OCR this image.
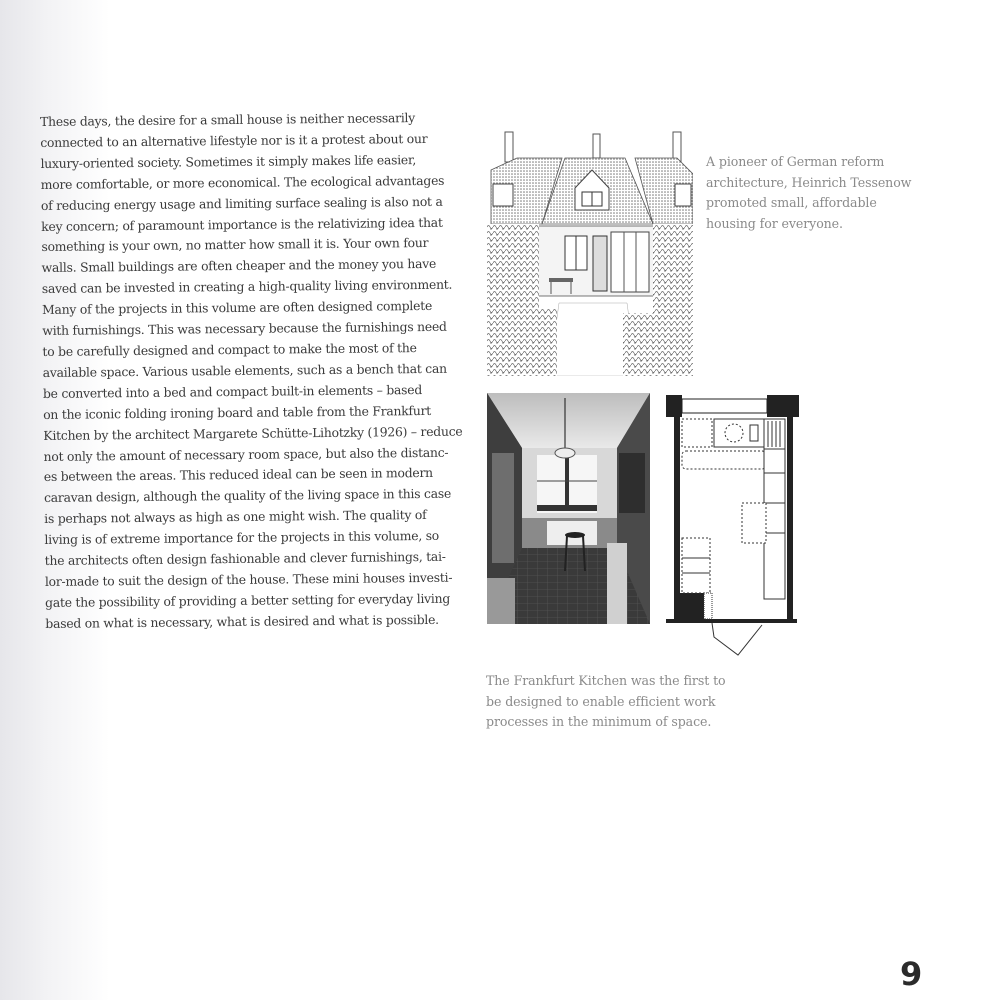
These days, the desire for a small house is neither necessarily
connected to an alternative lifestyle nor is it a protest about our
luxury-oriented society. Sometimes it simply makes life easier,
more comfortable, or more economical. The ecological advantages
of reducing energy usage and limiting surface sealing is also not a
key concern; of paramount importance is the relativizing idea that
something is your own, no matter how small it is. Your own four
walls. Small buildings are often cheaper and the money you have
saved can be invested in creating a high-quality living environment.
Many of the projects in this volume are often designed complete
with furnishings. This was necessary because the furnishings need
to be carefully designed and compact to make the most of the
available space. Various usable elements, such as a bench that can
be converted into a bed and compact built-in elements – based
on the iconic folding ironing board and table from the Frankfurt
Kitchen by the architect Margarete Schütte-Lihotzky (1926) – reduce
not only the amount of necessary room space, but also the distanc-
es between the areas. This reduced ideal can be seen in modern
caravan design, although the quality of the living space in this case
is perhaps not always as high as one might wish. The quality of
living is of extreme importance for the projects in this volume, so
the architects often design fashionable and clever furnishings, tai-
lor-made to suit the design of the house. These mini houses investi-
gate the possibility of providing a better setting for everyday living
based on what is necessary, what is desired and what is possible.
A pioneer of German reform
architecture, Heinrich Tessenow
promoted small, affordable
housing for everyone.
The Frankfurt Kitchen was the first to
be designed to enable efficient work
processes in the minimum of space.
9
